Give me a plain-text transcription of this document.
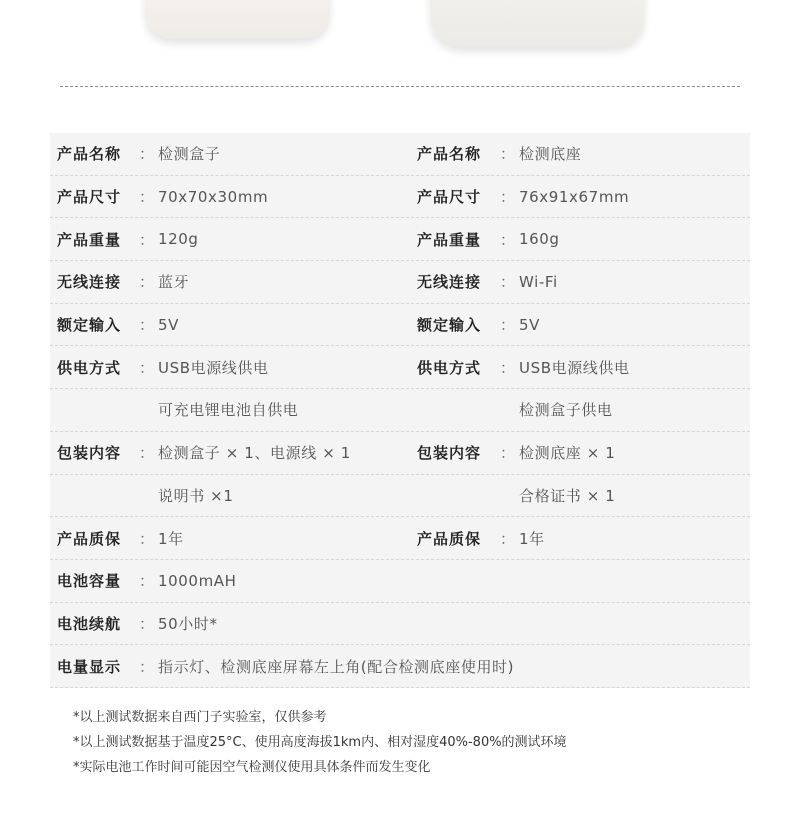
产品名称 ： 检测盒子	产品名称 ： 检测底座
产品尺寸 ： 70x70x30mm	产品尺寸 ： 76x91x67mm
产品重量 ： 120g	产品重量 ： 160g
无线连接 ： 蓝牙	无线连接 ： Wi-Fi
额定输入 ： 5V	额定输入 ： 5V
供电方式 ： USB电源线供电	供电方式 ： USB电源线供电
可充电锂电池自供电	检测盒子供电
包装内容 ： 检测盒子 × 1、电源线 × 1	包装内容 ： 检测底座 × 1
说明书 ×1	合格证书 × 1
产品质保 ： 1年	产品质保 ： 1年
电池容量 ： 1000mAH
电池续航 ： 50小时*
电量显示 ： 指示灯、检测底座屏幕左上角(配合检测底座使用时)

*以上测试数据来自西门子实验室，仅供参考

*以上测试数据基于温度25°C、使用高度海拔1km内、相对湿度40%-80%的测试环境

*实际电池工作时间可能因空气检测仪使用具体条件而发生变化
